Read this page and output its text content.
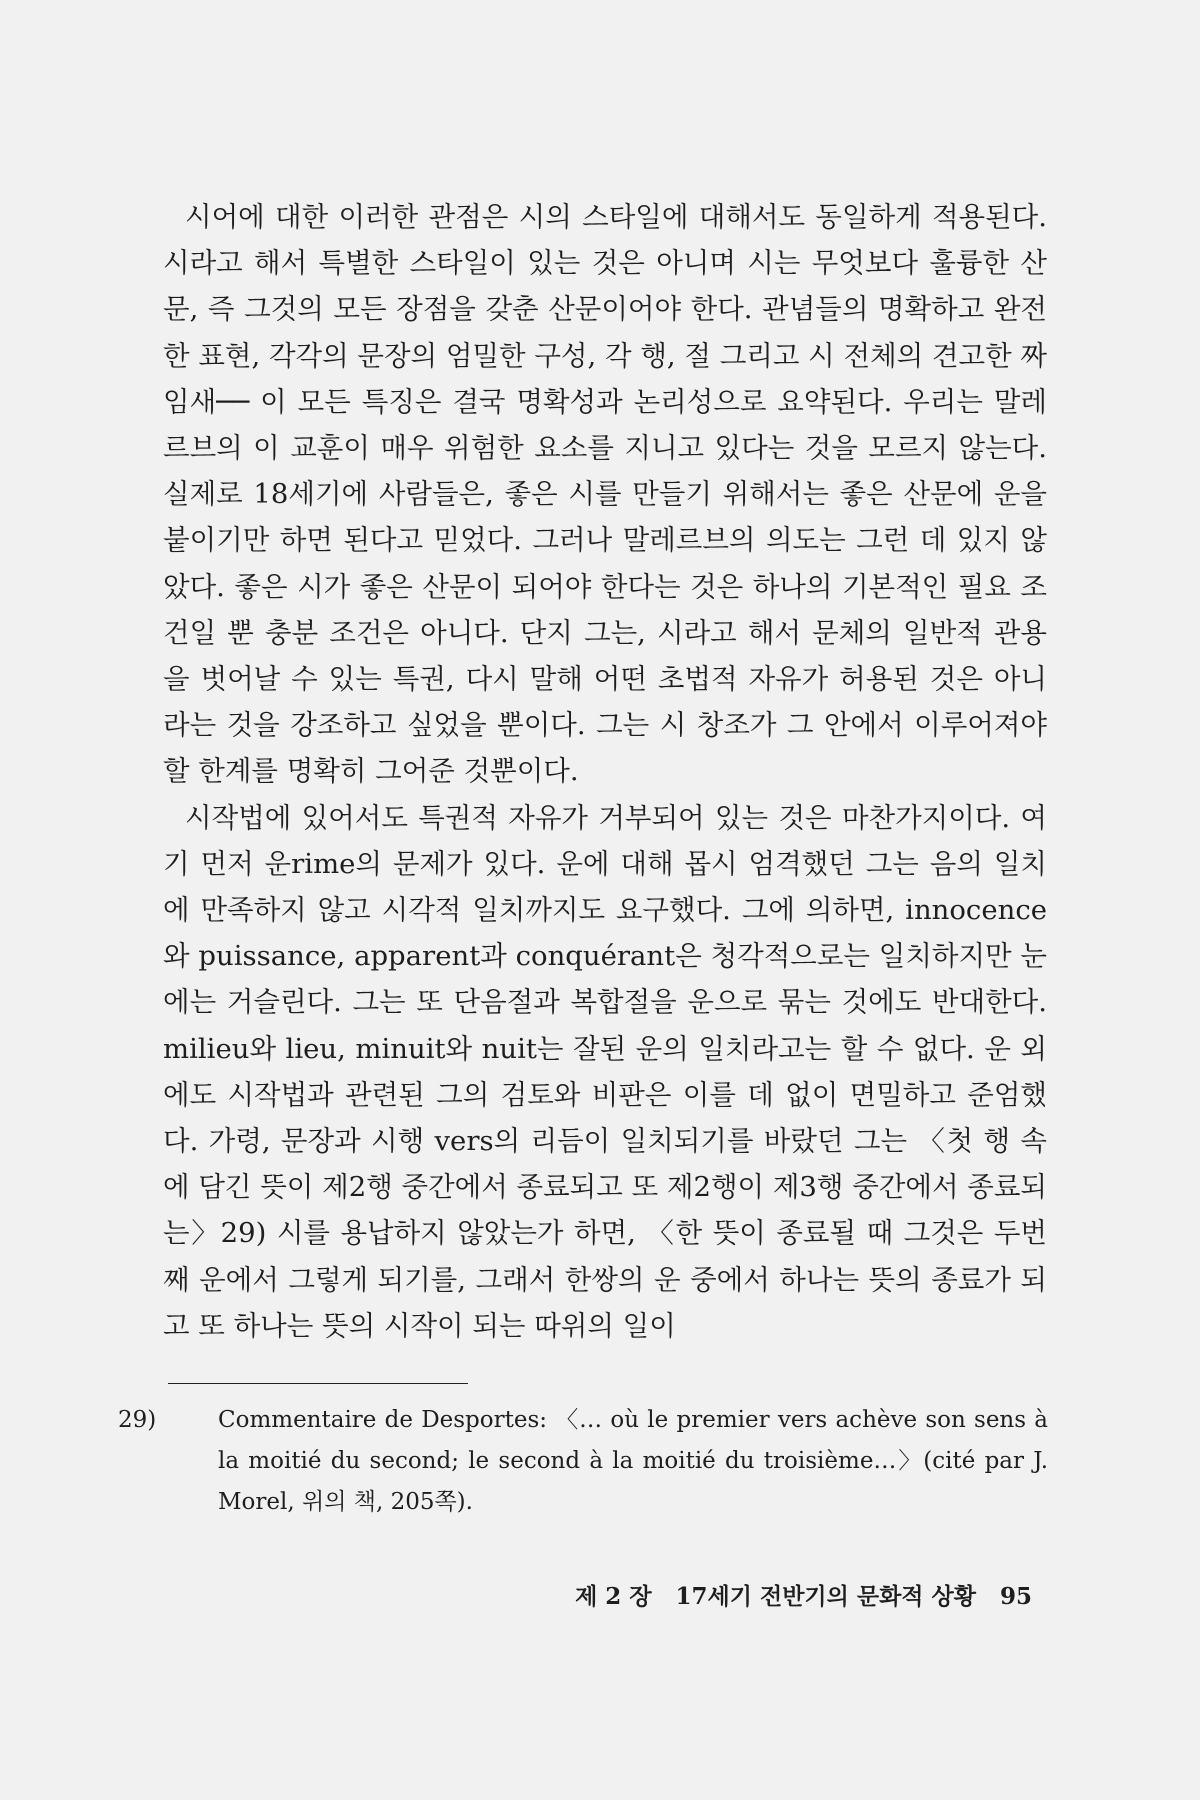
시어에 대한 이러한 관점은 시의 스타일에 대해서도 동일하게 적용된다. 시라고 해서 특별한 스타일이 있는 것은 아니며 시는 무엇보다 훌륭한 산문, 즉 그것의 모든 장점을 갖춘 산문이어야 한다. 관념들의 명확하고 완전한 표현, 각각의 문장의 엄밀한 구성, 각 행, 절 그리고 시 전체의 견고한 짜임새── 이 모든 특징은 결국 명확성과 논리성으로 요약된다. 우리는 말레르브의 이 교훈이 매우 위험한 요소를 지니고 있다는 것을 모르지 않는다. 실제로 18세기에 사람들은, 좋은 시를 만들기 위해서는 좋은 산문에 운을 붙이기만 하면 된다고 믿었다. 그러나 말레르브의 의도는 그런 데 있지 않았다. 좋은 시가 좋은 산문이 되어야 한다는 것은 하나의 기본적인 필요 조건일 뿐 충분 조건은 아니다. 단지 그는, 시라고 해서 문체의 일반적 관용을 벗어날 수 있는 특권, 다시 말해 어떤 초법적 자유가 허용된 것은 아니라는 것을 강조하고 싶었을 뿐이다. 그는 시 창조가 그 안에서 이루어져야 할 한계를 명확히 그어준 것뿐이다.

시작법에 있어서도 특권적 자유가 거부되어 있는 것은 마찬가지이다. 여기 먼저 운rime의 문제가 있다. 운에 대해 몹시 엄격했던 그는 음의 일치에 만족하지 않고 시각적 일치까지도 요구했다. 그에 의하면, innocence와 puissance, apparent과 conquérant은 청각적으로는 일치하지만 눈에는 거슬린다. 그는 또 단음절과 복합절을 운으로 묶는 것에도 반대한다. milieu와 lieu, minuit와 nuit는 잘된 운의 일치라고는 할 수 없다. 운 외에도 시작법과 관련된 그의 검토와 비판은 이를 데 없이 면밀하고 준엄했다. 가령, 문장과 시행 vers의 리듬이 일치되기를 바랐던 그는 〈첫 행 속에 담긴 뜻이 제2행 중간에서 종료되고 또 제2행이 제3행 중간에서 종료되는〉29) 시를 용납하지 않았는가 하면, 〈한 뜻이 종료될 때 그것은 두번째 운에서 그렇게 되기를, 그래서 한쌍의 운 중에서 하나는 뜻의 종료가 되고 또 하나는 뜻의 시작이 되는 따위의 일이

29)	Commentaire de Desportes: 〈… où le premier vers achève son sens à la moitié du second; le second à la moitié du troisième…〉(cité par J. Morel, 위의 책, 205쪽).
제 2 장 17세기 전반기의 문화적 상황 95
